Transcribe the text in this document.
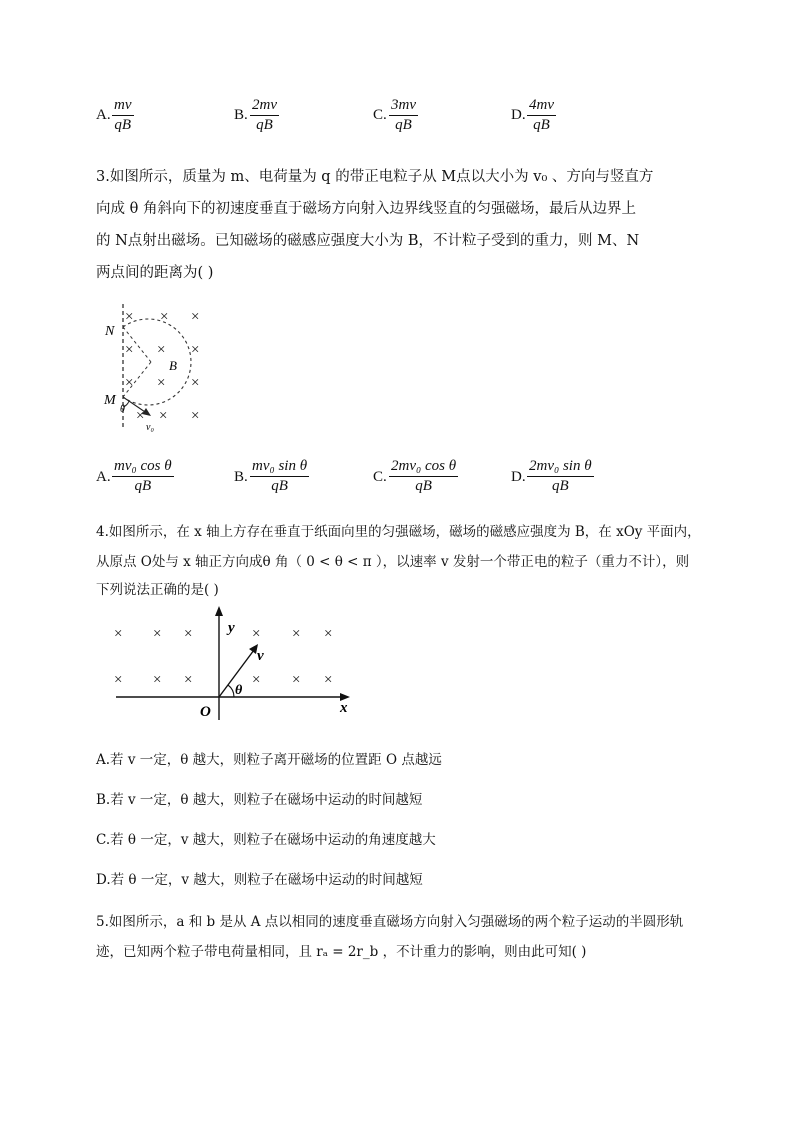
A. $\frac{mv}{qB}$	B. $\frac{2mv}{qB}$	C. $\frac{3mv}{qB}$	D. $\frac{4mv}{qB}$
3.如图所示，质量为 m、电荷量为 q 的带正电粒子从 M点以大小为 v₀ 、方向与竖直方
向成 θ 角斜向下的初速度垂直于磁场方向射入边界线竖直的匀强磁场，最后从边界上
的 N点射出磁场。已知磁场的磁感应强度大小为 B，不计粒子受到的重力，则 M、N
两点间的距离为( )
× × ×
× × ×
× × ×
× × ×
N
M
B
θ
v₀
A. $\frac{\text{mv₀ cos θ}}{qB}$	B. $\frac{\text{mv₀ sin θ}}{qB}$	C. $\frac{\text{2mv₀ cos θ}}{qB}$	D. $\frac{\text{2mv₀ sin θ}}{qB}$
4.如图所示，在 x 轴上方存在垂直于纸面向里的匀强磁场，磁场的磁感应强度为 B，在 xOy 平面内，
从原点 O处与 x 轴正方向成θ 角（ 0 < θ < π ），以速率 v 发射一个带正电的粒子（重力不计），则
下列说法正确的是( )
× × ×	× × ×
× × ×	× × ×
y
x
O
v
θ
A.若 v 一定，θ 越大，则粒子离开磁场的位置距 O 点越远
B.若 v 一定，θ 越大，则粒子在磁场中运动的时间越短
C.若 θ 一定，v 越大，则粒子在磁场中运动的角速度越大
D.若 θ 一定，v 越大，则粒子在磁场中运动的时间越短
5.如图所示，a 和 b 是从 A 点以相同的速度垂直磁场方向射入匀强磁场的两个粒子运动的半圆形轨
迹，已知两个粒子带电荷量相同，且 rₐ = 2r_b ，不计重力的影响，则由此可知( )
